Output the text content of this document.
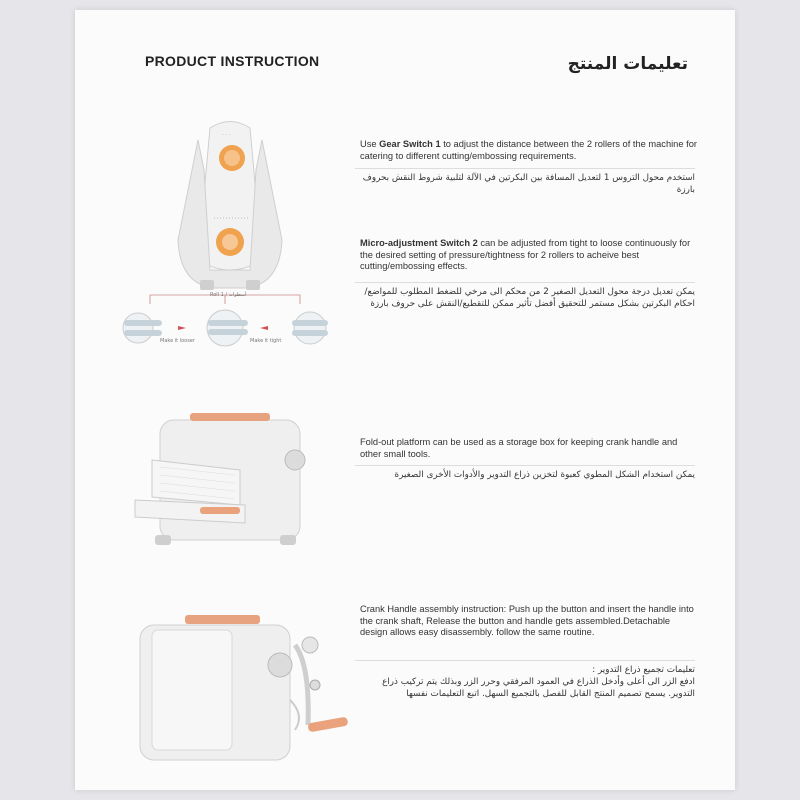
PRODUCT INSTRUCTION	تعليمات المنتج
Use Gear Switch 1 to adjust the distance between the 2 rollers of the machine for catering to different cutting/embossing requirements.
استخدم محول التروس 1 لتعديل المسافة بين البكرتين في الآلة لتلبية شروط النقش بحروف بارزة
Micro-adjustment Switch 2 can be adjusted from tight to loose continuously for the desired setting of pressure/tightness for 2 rollers to acheive best cutting/embossing effects.
يمكن تعديل درجة محول التعديل الصغير 2 من محكم الى مرخي للضغط المطلوب للمواضع/احكام البكرتين بشكل مستمر للتحقيق أفضل تأثير ممكن للتقطيع/النقش على حروف بارزة
Fold-out platform can be used as a storage box for keeping crank handle and other small tools.
يمكن استخدام الشكل المطوي كعبوة لتخزين ذراع التدوير والأدوات الأخرى الصغيرة
Crank Handle assembly instruction: Push up the button and insert the handle into the crank shaft, Release the button and handle gets assembled.Detachable design allows easy disassembly. follow the same routine.
تعليمات تجميع ذراع التدوير :
ادفع الزر الى أعلى وأدخل الذراع في العمود المرفقي وحرر الزر وبذلك يتم تركيب ذراع التدوير. يسمح تصميم المنتج القابل للفصل بالتجميع السهل. اتبع التعليمات نفسها
· · ·
Roll 1 / أسطوانة
Make it looser	Make it tight
